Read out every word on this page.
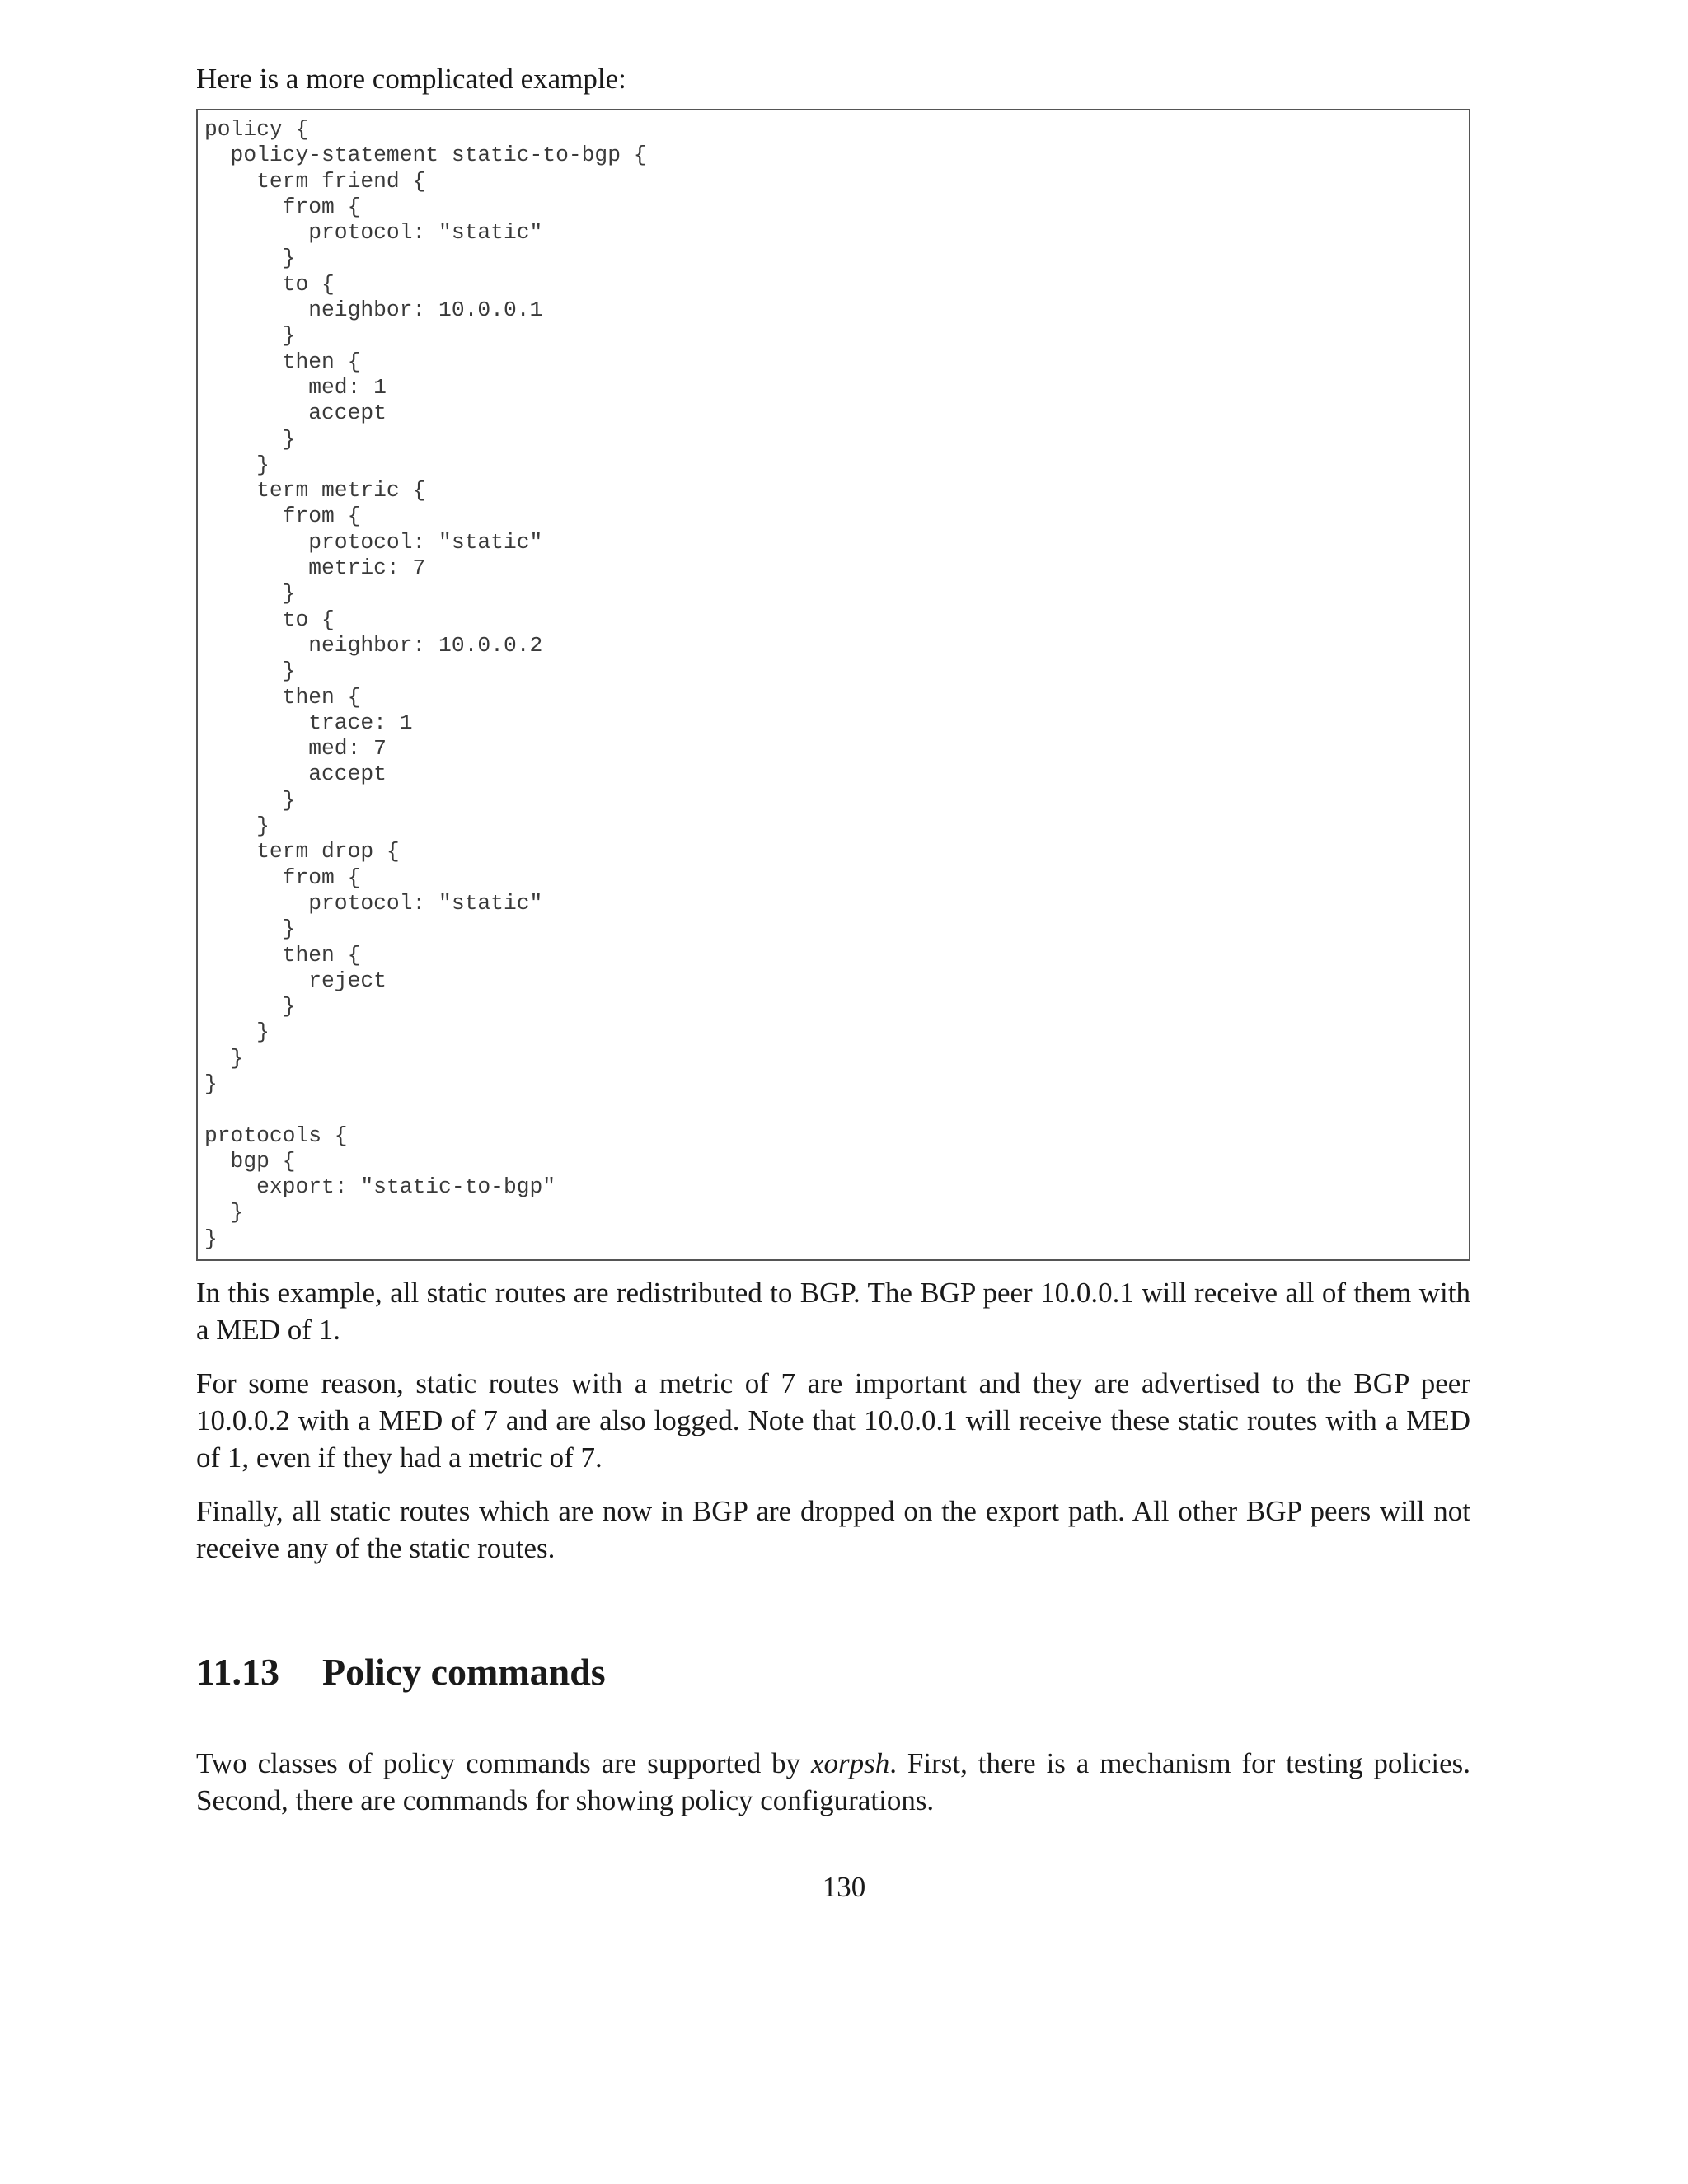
Here is a more complicated example:

policy {
policy-statement static-to-bgp {
term friend {
from {
protocol: "static"
}
to {
neighbor: 10.0.0.1
}
then {
med: 1
accept
}
}
term metric {
from {
protocol: "static"
metric: 7
}
to {
neighbor: 10.0.0.2
}
then {
trace: 1
med: 7
accept
}
}
term drop {
from {
protocol: "static"
}
then {
reject
}
}
}
}

protocols {
bgp {
export: "static-to-bgp"
}
}

In this example, all static routes are redistributed to BGP. The BGP peer 10.0.0.1 will receive all of them with a MED of 1.

For some reason, static routes with a metric of 7 are important and they are advertised to the BGP peer 10.0.0.2 with a MED of 7 and are also logged. Note that 10.0.0.1 will receive these static routes with a MED of 1, even if they had a metric of 7.

Finally, all static routes which are now in BGP are dropped on the export path. All other BGP peers will not receive any of the static routes.

11.13 Policy commands

Two classes of policy commands are supported by xorpsh. First, there is a mechanism for testing policies. Second, there are commands for showing policy configurations.

130
